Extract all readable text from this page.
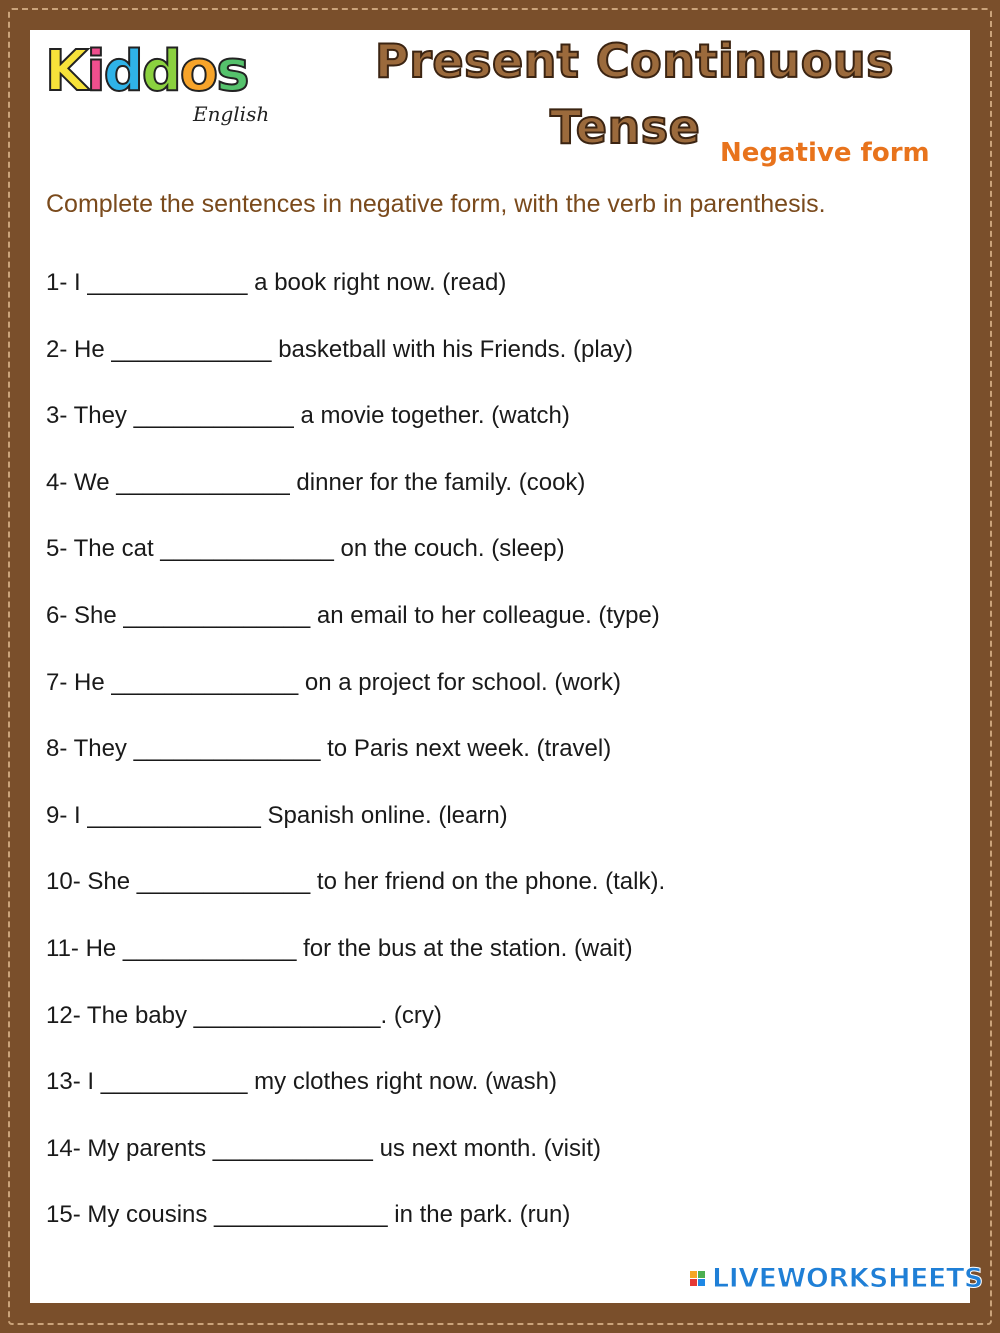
Kiddos
English
Present Continuous
Tense Negative form

Complete the sentences in negative form, with the verb in parenthesis.

1- I ____________ a book right now. (read)
2- He ____________ basketball with his Friends. (play)
3- They ____________ a movie together. (watch)
4- We _____________ dinner for the family. (cook)
5- The cat _____________ on the couch. (sleep)
6- She ______________ an email to her colleague. (type)
7- He ______________ on a project for school. (work)
8- They ______________ to Paris next week. (travel)
9- I _____________ Spanish online. (learn)
10- She _____________ to her friend on the phone. (talk).
11- He _____________ for the bus at the station. (wait)
12- The baby ______________. (cry)
13- I ___________ my clothes right now. (wash)
14- My parents ____________ us next month. (visit)
15- My cousins _____________ in the park. (run)
LIVEWORKSHEETS
